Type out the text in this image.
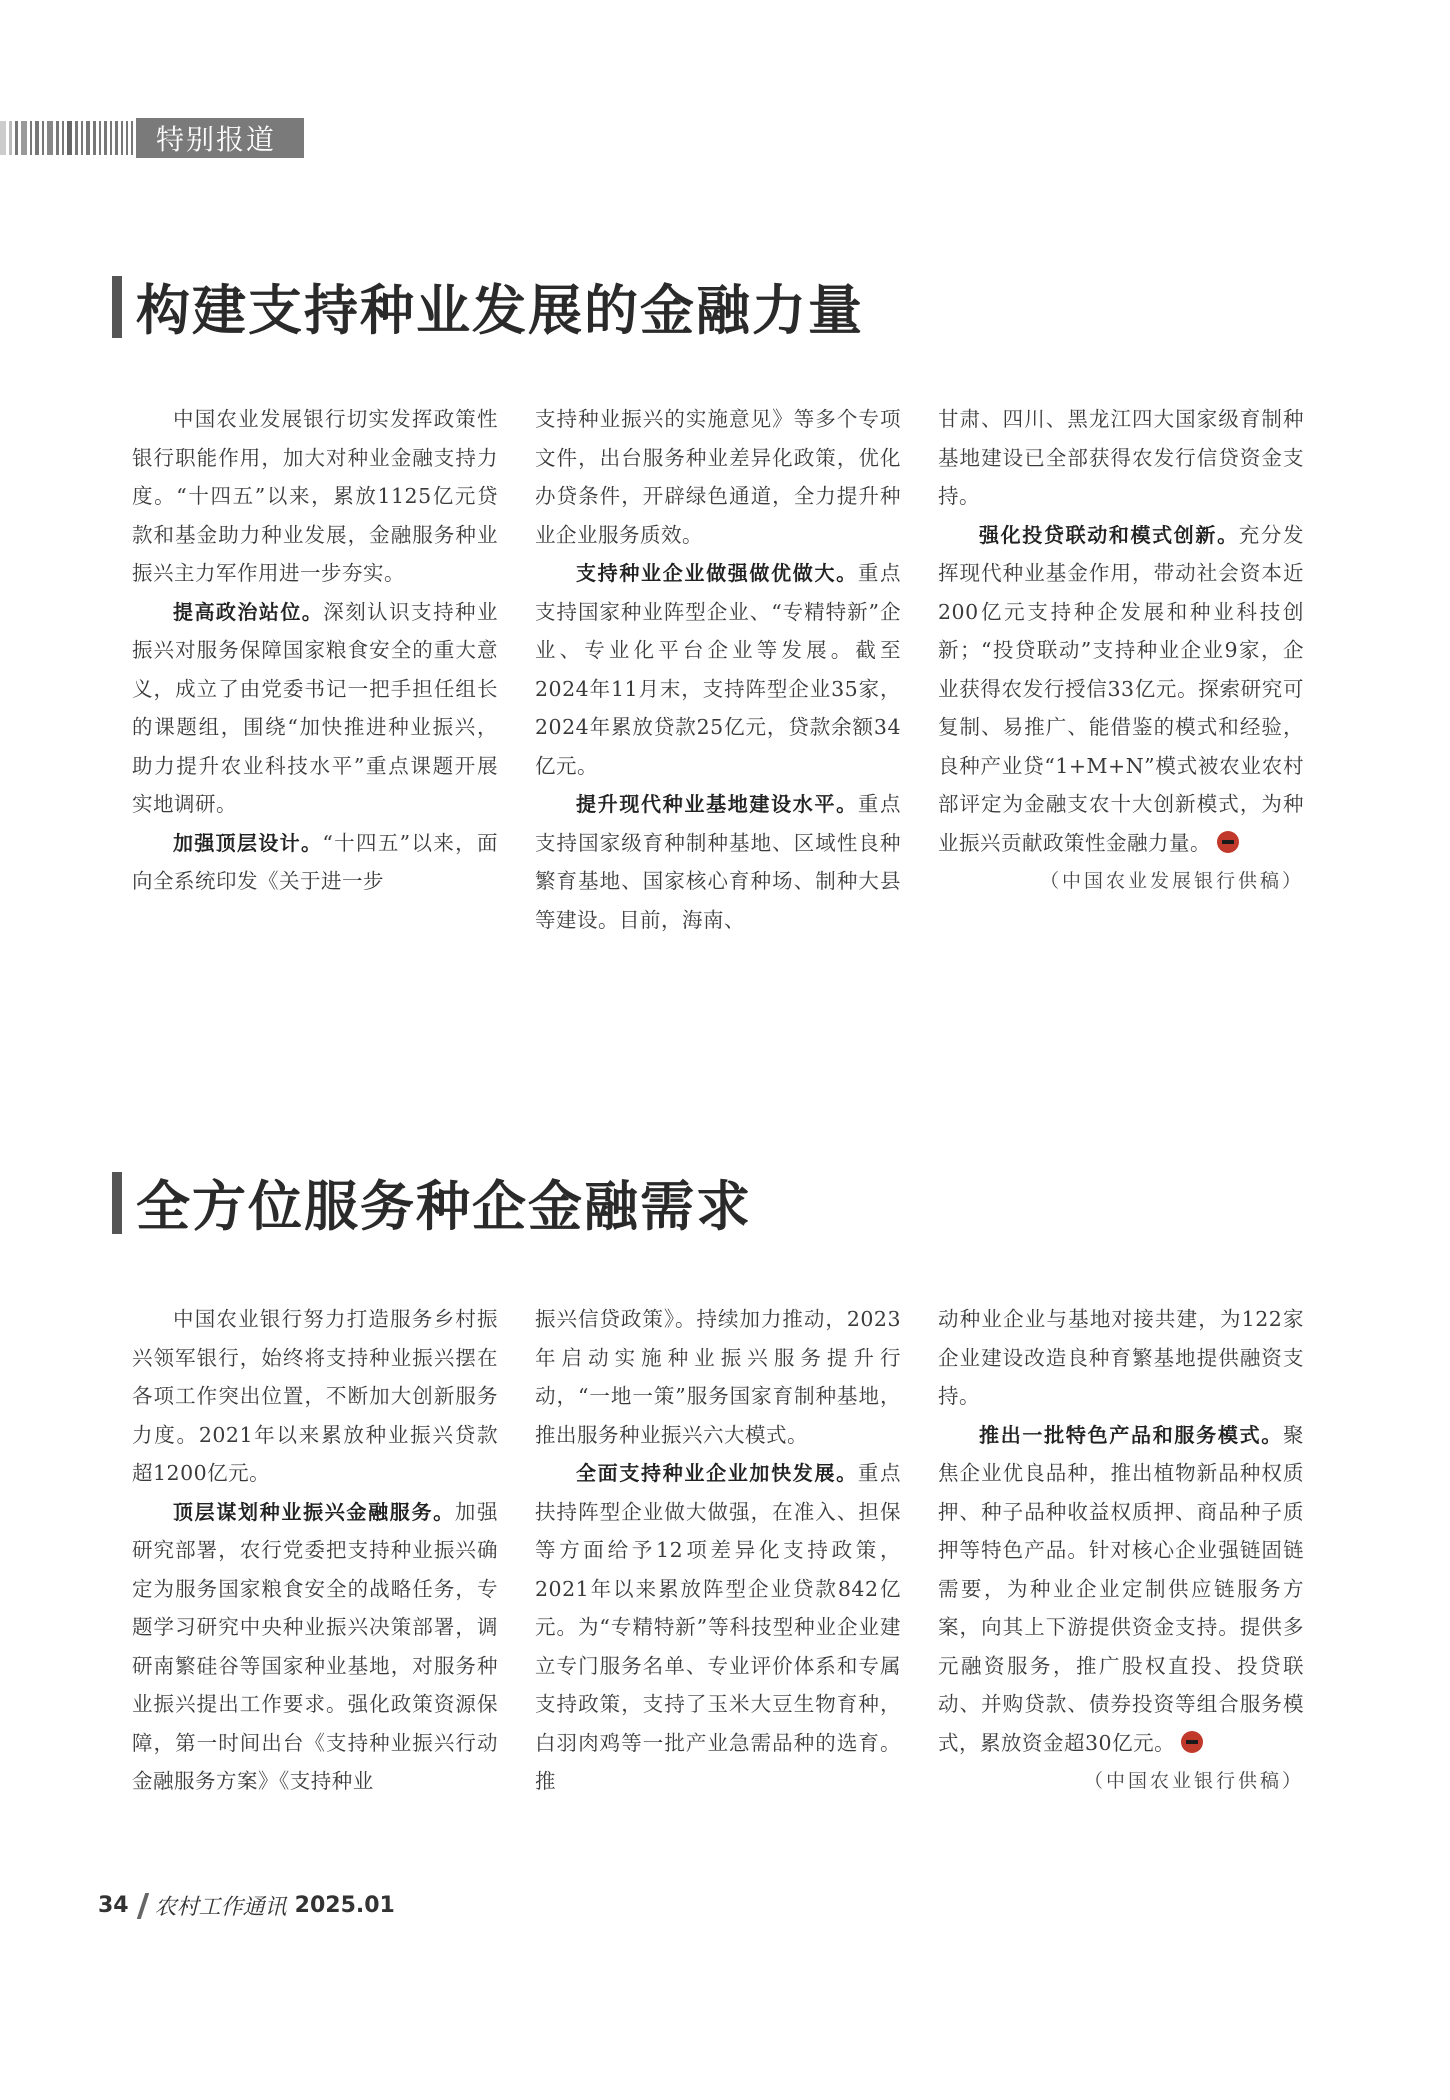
特别报道
构建支持种业发展的金融力量

中国农业发展银行切实发挥政策性银行职能作用，加大对种业金融支持力度。“十四五”以来，累放1125亿元贷款和基金助力种业发展，金融服务种业振兴主力军作用进一步夯实。

提高政治站位。深刻认识支持种业振兴对服务保障国家粮食安全的重大意义，成立了由党委书记一把手担任组长的课题组，围绕“加快推进种业振兴，助力提升农业科技水平”重点课题开展实地调研。

加强顶层设计。“十四五”以来，面向全系统印发《关于进一步

支持种业振兴的实施意见》等多个专项文件，出台服务种业差异化政策，优化办贷条件，开辟绿色通道，全力提升种业企业服务质效。

支持种业企业做强做优做大。重点支持国家种业阵型企业、“专精特新”企业、专业化平台企业等发展。截至2024年11月末，支持阵型企业35家，2024年累放贷款25亿元，贷款余额34亿元。

提升现代种业基地建设水平。重点支持国家级育种制种基地、区域性良种繁育基地、国家核心育种场、制种大县等建设。目前，海南、

甘肃、四川、黑龙江四大国家级育制种基地建设已全部获得农发行信贷资金支持。

强化投贷联动和模式创新。充分发挥现代种业基金作用，带动社会资本近200亿元支持种企发展和种业科技创新；“投贷联动”支持种业企业9家，企业获得农发行授信33亿元。探索研究可复制、易推广、能借鉴的模式和经验，良种产业贷“1+M+N”模式被农业农村部评定为金融支农十大创新模式，为种业振兴贡献政策性金融力量。

（中国农业发展银行供稿）
全方位服务种企金融需求

中国农业银行努力打造服务乡村振兴领军银行，始终将支持种业振兴摆在各项工作突出位置，不断加大创新服务力度。2021年以来累放种业振兴贷款超1200亿元。

顶层谋划种业振兴金融服务。加强研究部署，农行党委把支持种业振兴确定为服务国家粮食安全的战略任务，专题学习研究中央种业振兴决策部署，调研南繁硅谷等国家种业基地，对服务种业振兴提出工作要求。强化政策资源保障，第一时间出台《支持种业振兴行动金融服务方案》《支持种业

振兴信贷政策》。持续加力推动，2023年启动实施种业振兴服务提升行动，“一地一策”服务国家育制种基地，推出服务种业振兴六大模式。

全面支持种业企业加快发展。重点扶持阵型企业做大做强，在准入、担保等方面给予12项差异化支持政策，2021年以来累放阵型企业贷款842亿元。为“专精特新”等科技型种业企业建立专门服务名单、专业评价体系和专属支持政策，支持了玉米大豆生物育种，白羽肉鸡等一批产业急需品种的选育。推

动种业企业与基地对接共建，为122家企业建设改造良种育繁基地提供融资支持。

推出一批特色产品和服务模式。聚焦企业优良品种，推出植物新品种权质押、种子品种收益权质押、商品种子质押等特色产品。针对核心企业强链固链需要，为种业企业定制供应链服务方案，向其上下游提供资金支持。提供多元融资服务，推广股权直投、投贷联动、并购贷款、债券投资等组合服务模式，累放资金超30亿元。

（中国农业银行供稿）
34 农村工作通讯 2025.01
